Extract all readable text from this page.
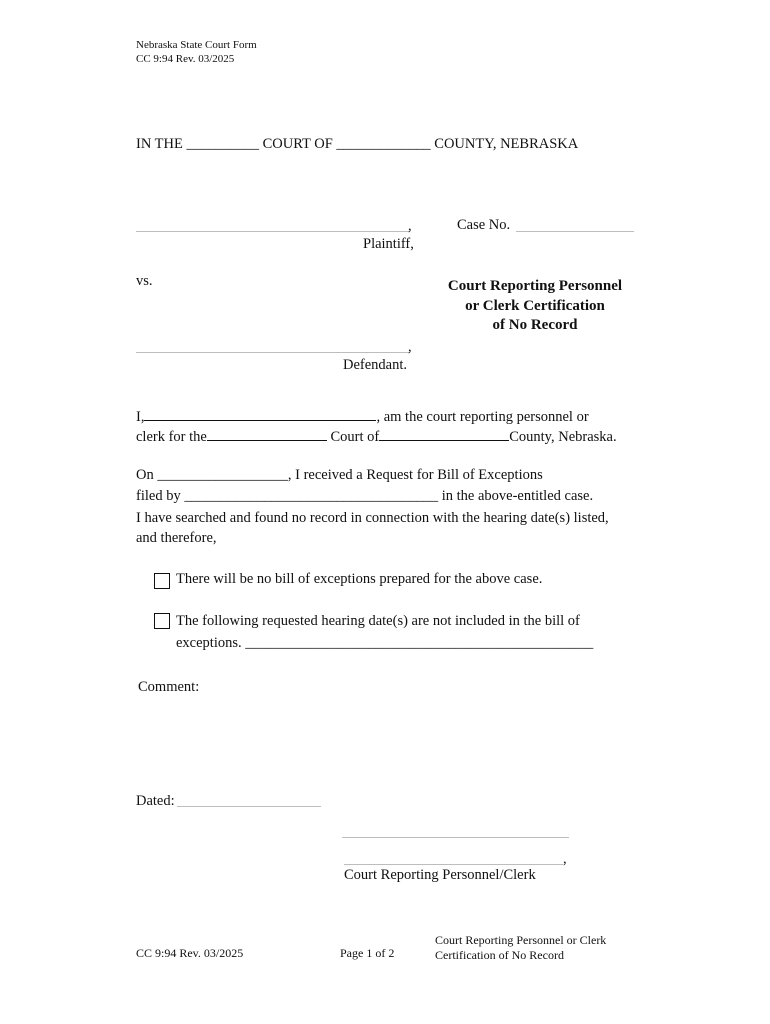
Nebraska State Court Form
CC 9:94 Rev. 03/2025
IN THE __________ COURT OF _____________ COUNTY, NEBRASKA
,
Plaintiff,
Case No.
vs.	Court Reporting Personnel
or Clerk Certification
of No Record
,
Defendant.
I,	, am the court reporting personnel or
clerk for the	Court of	County, Nebraska.
On __________________, I received a Request for Bill of Exceptions
filed by ___________________________________ in the above-entitled case.
I have searched and found no record in connection with the hearing date(s) listed,
and therefore,
There will be no bill of exceptions prepared for the above case.
The following requested hearing date(s) are not included in the bill of
exceptions. ________________________________________________
Comment:
Dated:
,
Court Reporting Personnel/Clerk
CC 9:94 Rev. 03/2025	Page 1 of 2
Court Reporting Personnel or Clerk
Certification of No Record
